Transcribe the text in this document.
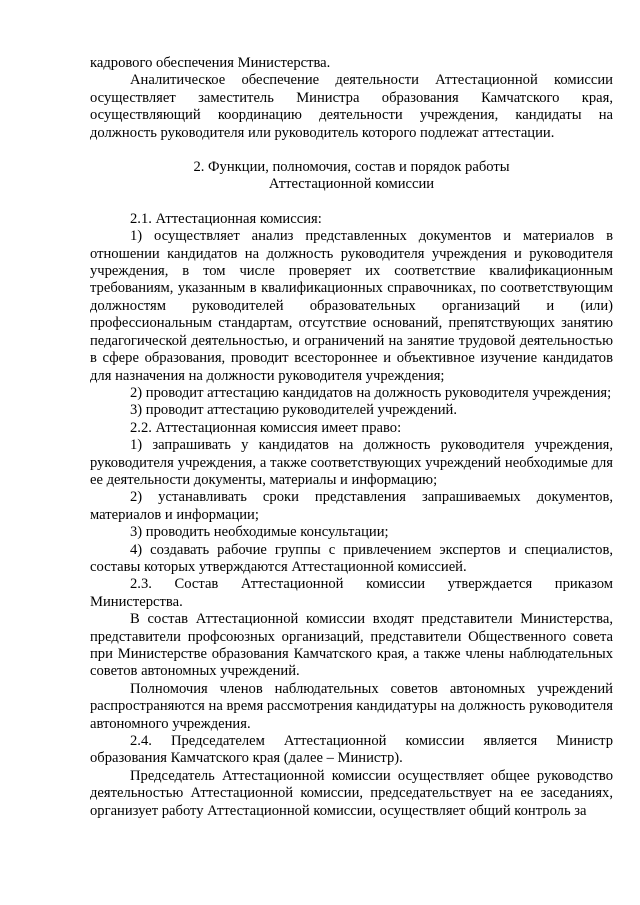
кадрового обеспечения Министерства.

Аналитическое обеспечение деятельности Аттестационной комиссии осуществляет заместитель Министра образования Камчатского края, осуществляющий координацию деятельности учреждения, кандидаты на должность руководителя или руководитель которого подлежат аттестации.

2. Функции, полномочия, состав и порядок работы
Аттестационной комиссии

2.1. Аттестационная комиссия:

1) осуществляет анализ представленных документов и материалов в отношении кандидатов на должность руководителя учреждения и руководителя учреждения, в том числе проверяет их соответствие квалификационным требованиям, указанным в квалификационных справочниках, по соответствующим должностям руководителей образовательных организаций и (или) профессиональным стандартам, отсутствие оснований, препятствующих занятию педагогической деятельностью, и ограничений на занятие трудовой деятельностью в сфере образования, проводит всестороннее и объективное изучение кандидатов для назначения на должности руководителя учреждения;

2) проводит аттестацию кандидатов на должность руководителя учреждения;

3) проводит аттестацию руководителей учреждений.

2.2. Аттестационная комиссия имеет право:

1) запрашивать у кандидатов на должность руководителя учреждения, руководителя учреждения, а также соответствующих учреждений необходимые для ее деятельности документы, материалы и информацию;

2) устанавливать сроки представления запрашиваемых документов, материалов и информации;

3) проводить необходимые консультации;

4) создавать рабочие группы с привлечением экспертов и специалистов, составы которых утверждаются Аттестационной комиссией.

2.3. Состав Аттестационной комиссии утверждается приказом Министерства.

В состав Аттестационной комиссии входят представители Министерства, представители профсоюзных организаций, представители Общественного совета при Министерстве образования Камчатского края, а также члены наблюдательных советов автономных учреждений.

Полномочия членов наблюдательных советов автономных учреждений распространяются на время рассмотрения кандидатуры на должность руководителя автономного учреждения.

2.4. Председателем Аттестационной комиссии является Министр образования Камчатского края (далее – Министр).

Председатель Аттестационной комиссии осуществляет общее руководство деятельностью Аттестационной комиссии, председательствует на ее заседаниях, организует работу Аттестационной комиссии, осуществляет общий контроль за
